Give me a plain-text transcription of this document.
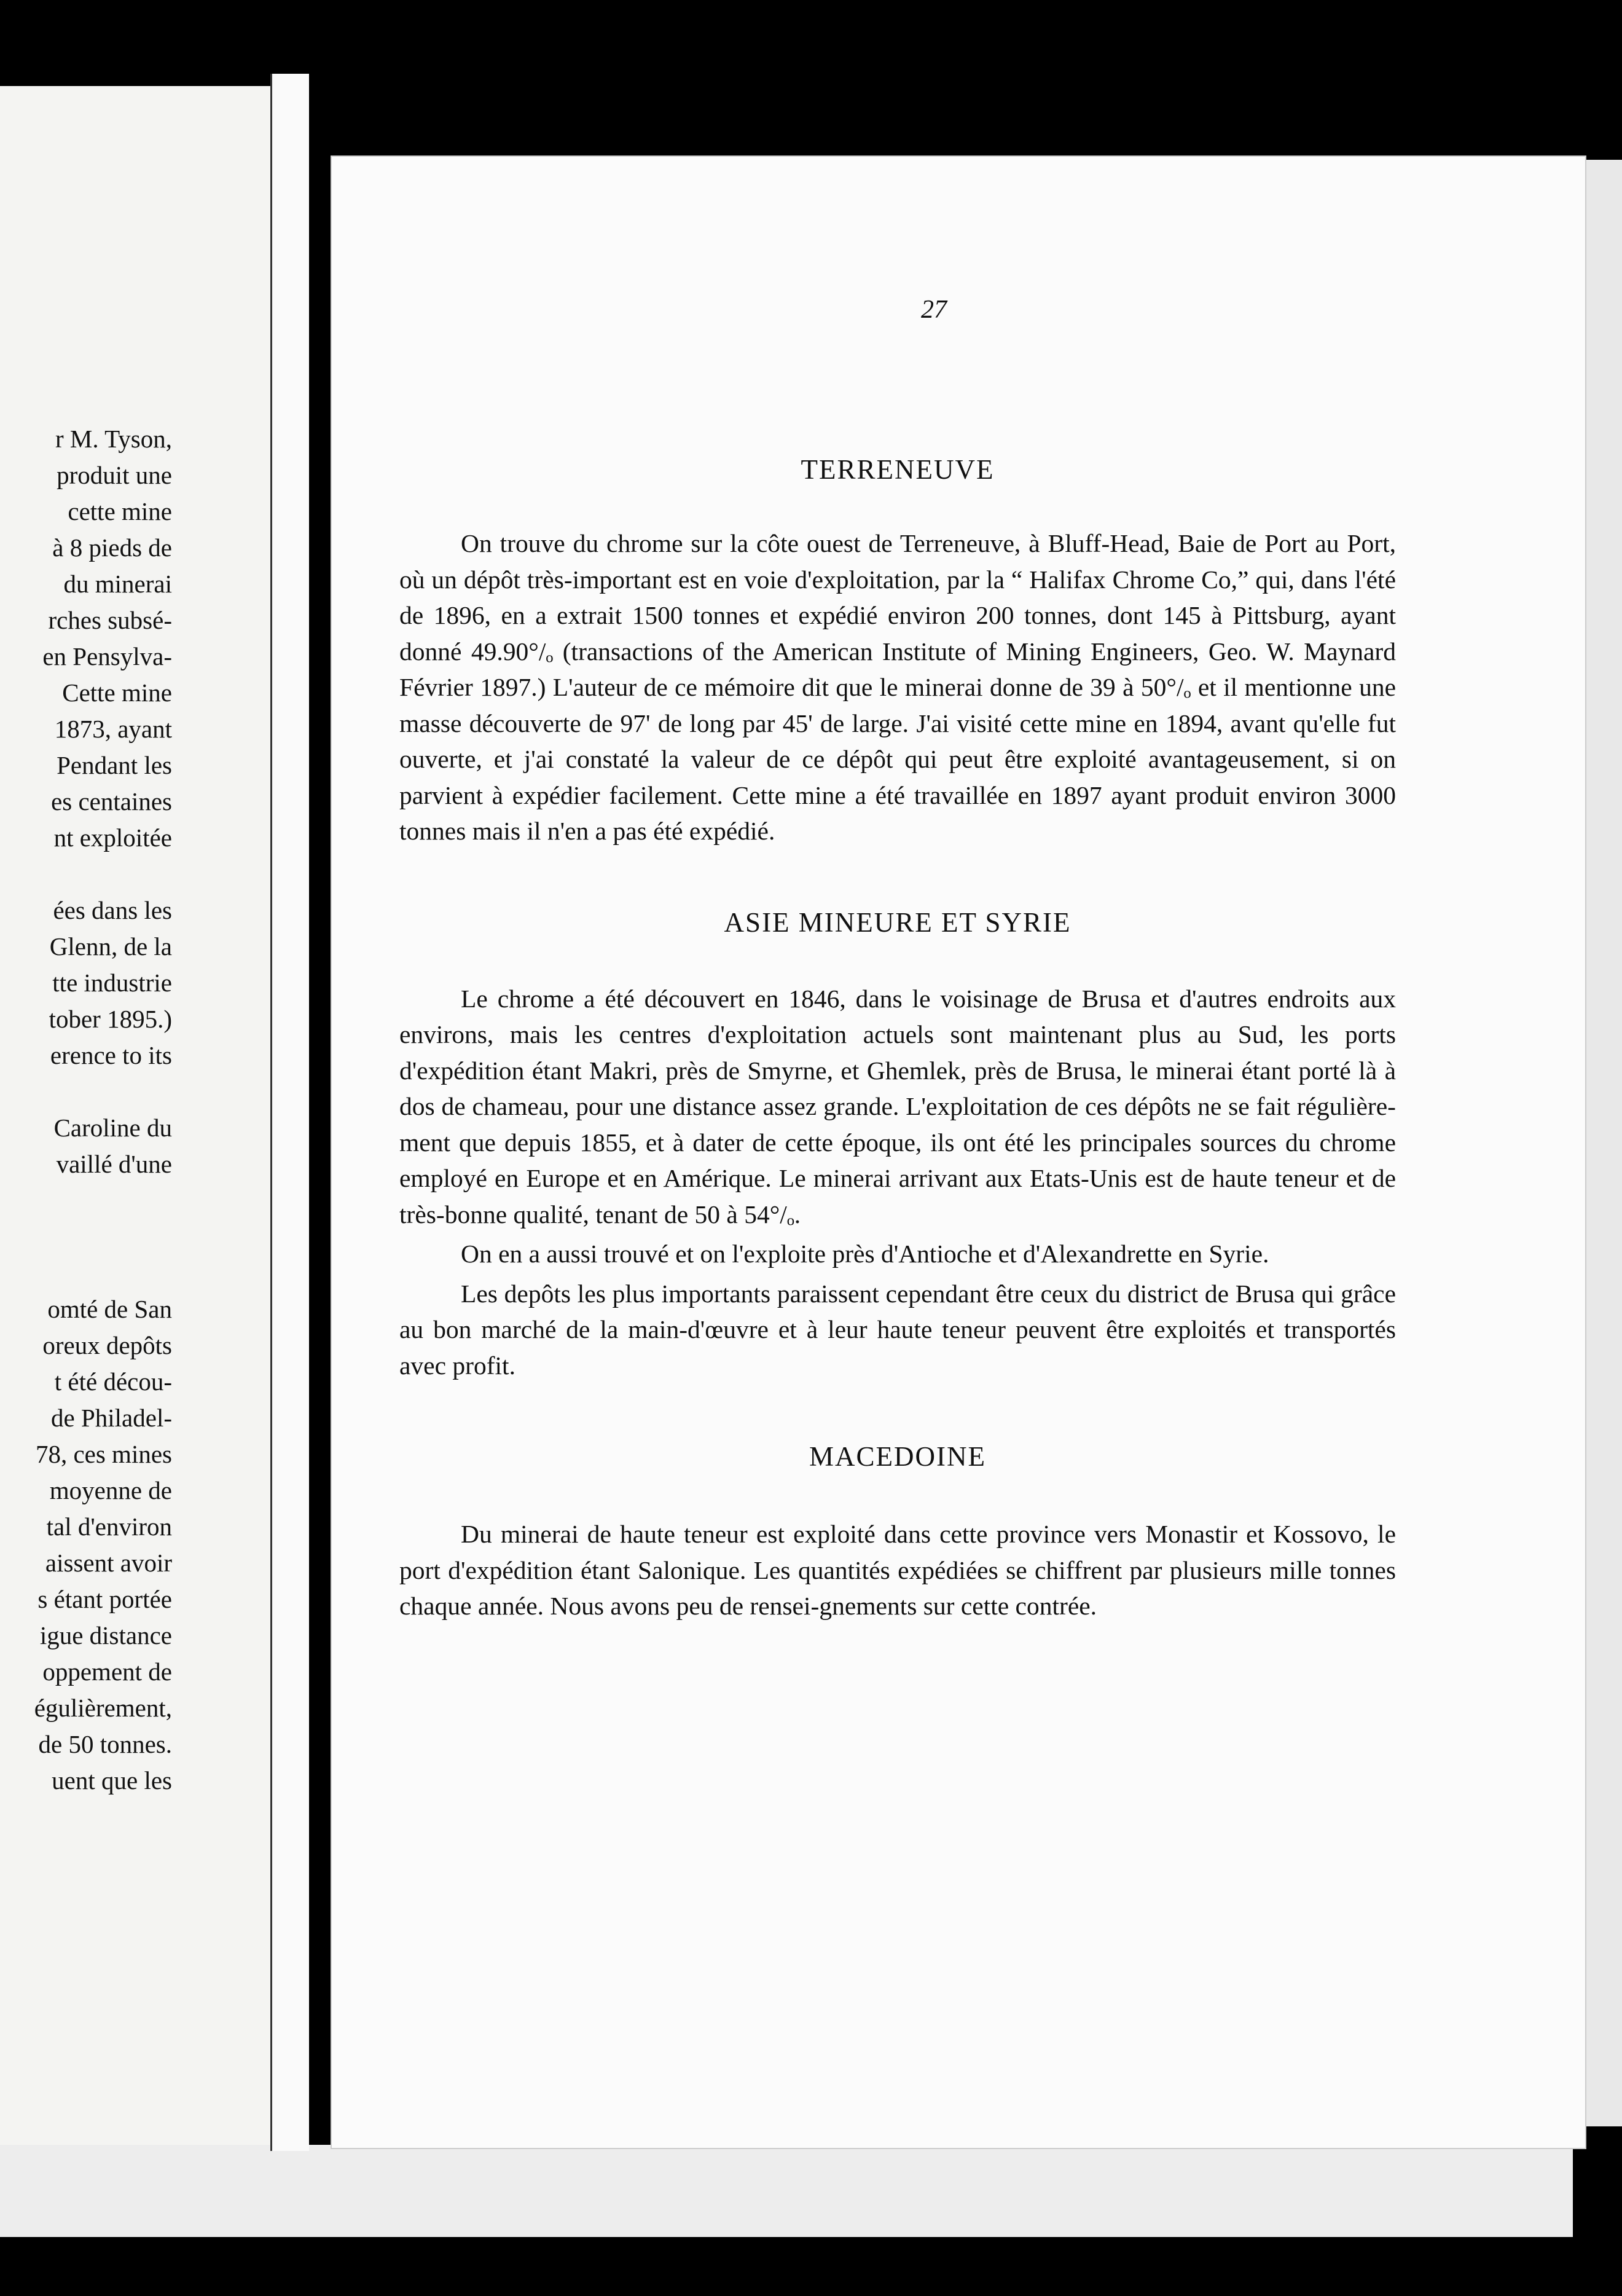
r M. Tyson,
produit une
cette mine
à 8 pieds de
du minerai
rches subsé-
en Pensylva-
Cette mine
1873, ayant
Pendant les
es centaines
nt exploitée
ées dans les
Glenn, de la
tte industrie
tober 1895.)
erence to its
Caroline du
vaillé d'une
omté de San
oreux depôts
t été décou-
de Philadel-
78, ces mines
moyenne de
tal d'environ
aissent avoir
s étant portée
igue distance
oppement de
égulièrement,
de 50 tonnes.
uent que les
27
TERRENEUVE

On trouve du chrome sur la côte ouest de Terreneuve, à Bluff-Head, Baie de Port au Port, où un dépôt très-important est en voie d'exploitation, par la “ Halifax Chrome Co,” qui, dans l'été de 1896, en a extrait 1500 tonnes et expédié environ 200 tonnes, dont 145 à Pittsburg, ayant donné 49.90°/ₒ (transactions of the American Institute of Mining Engineers, Geo. W. Maynard Février 1897.) L'auteur de ce mémoire dit que le minerai donne de 39 à 50°/ₒ et il mentionne une masse découverte de 97' de long par 45' de large. J'ai visité cette mine en 1894, avant qu'elle fut ouverte, et j'ai constaté la valeur de ce dépôt qui peut être exploité avantageusement, si on parvient à expédier facilement. Cette mine a été travaillée en 1897 ayant produit environ 3000 tonnes mais il n'en a pas été expédié.

ASIE MINEURE ET SYRIE

Le chrome a été découvert en 1846, dans le voisinage de Brusa et d'autres endroits aux environs, mais les centres d'exploitation actuels sont maintenant plus au Sud, les ports d'expédition étant Makri, près de Smyrne, et Ghemlek, près de Brusa, le minerai étant porté là à dos de chameau, pour une distance assez grande. L'exploitation de ces dépôts ne se fait régulière-ment que depuis 1855, et à dater de cette époque, ils ont été les principales sources du chrome employé en Europe et en Amérique. Le minerai arrivant aux Etats-Unis est de haute teneur et de très-bonne qualité, tenant de 50 à 54°/ₒ.

On en a aussi trouvé et on l'exploite près d'Antioche et d'Alexandrette en Syrie.

Les depôts les plus importants paraissent cependant être ceux du district de Brusa qui grâce au bon marché de la main-d'œuvre et à leur haute teneur peuvent être exploités et transportés avec profit.

MACEDOINE

Du minerai de haute teneur est exploité dans cette province vers Monastir et Kossovo, le port d'expédition étant Salonique. Les quantités expédiées se chiffrent par plusieurs mille tonnes chaque année. Nous avons peu de rensei-gnements sur cette contrée.
